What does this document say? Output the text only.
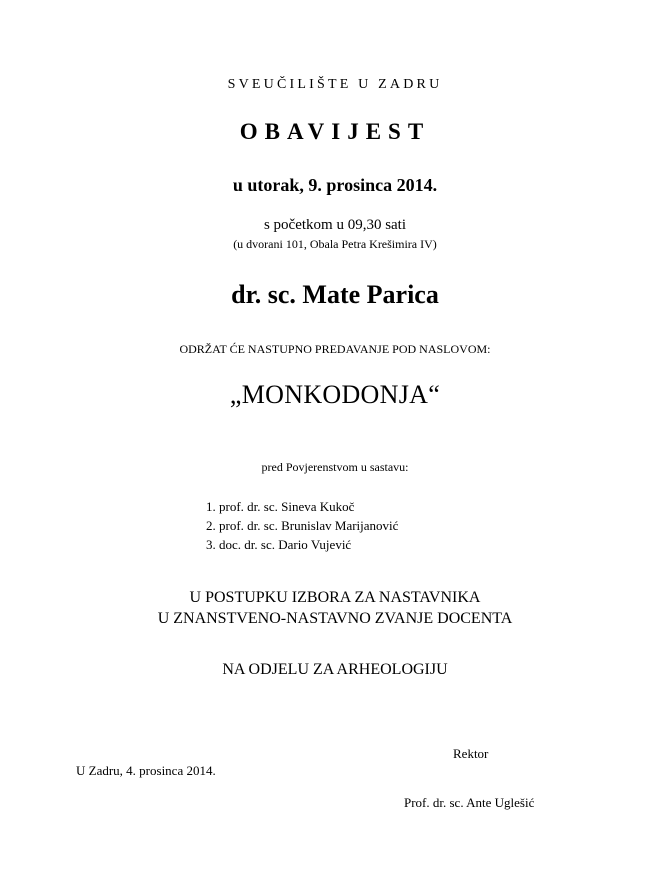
SVEUČILIŠTE U ZADRU
OBAVIJEST
u utorak, 9. prosinca 2014.
s početkom u 09,30 sati
(u dvorani 101, Obala Petra Krešimira IV)
dr. sc. Mate Parica
ODRŽAT ĆE NASTUPNO PREDAVANJE POD NASLOVOM:
„MONKODONJA“
pred Povjerenstvom u sastavu:
1. prof. dr. sc. Sineva Kukoč
2. prof. dr. sc. Brunislav Marijanović
3. doc. dr. sc. Dario Vujević
U POSTUPKU IZBORA ZA NASTAVNIKA
U ZNANSTVENO-NASTAVNO ZVANJE DOCENTA
NA ODJELU ZA ARHEOLOGIJU
Rektor
U Zadru, 4. prosinca 2014.
Prof. dr. sc. Ante Uglešić
